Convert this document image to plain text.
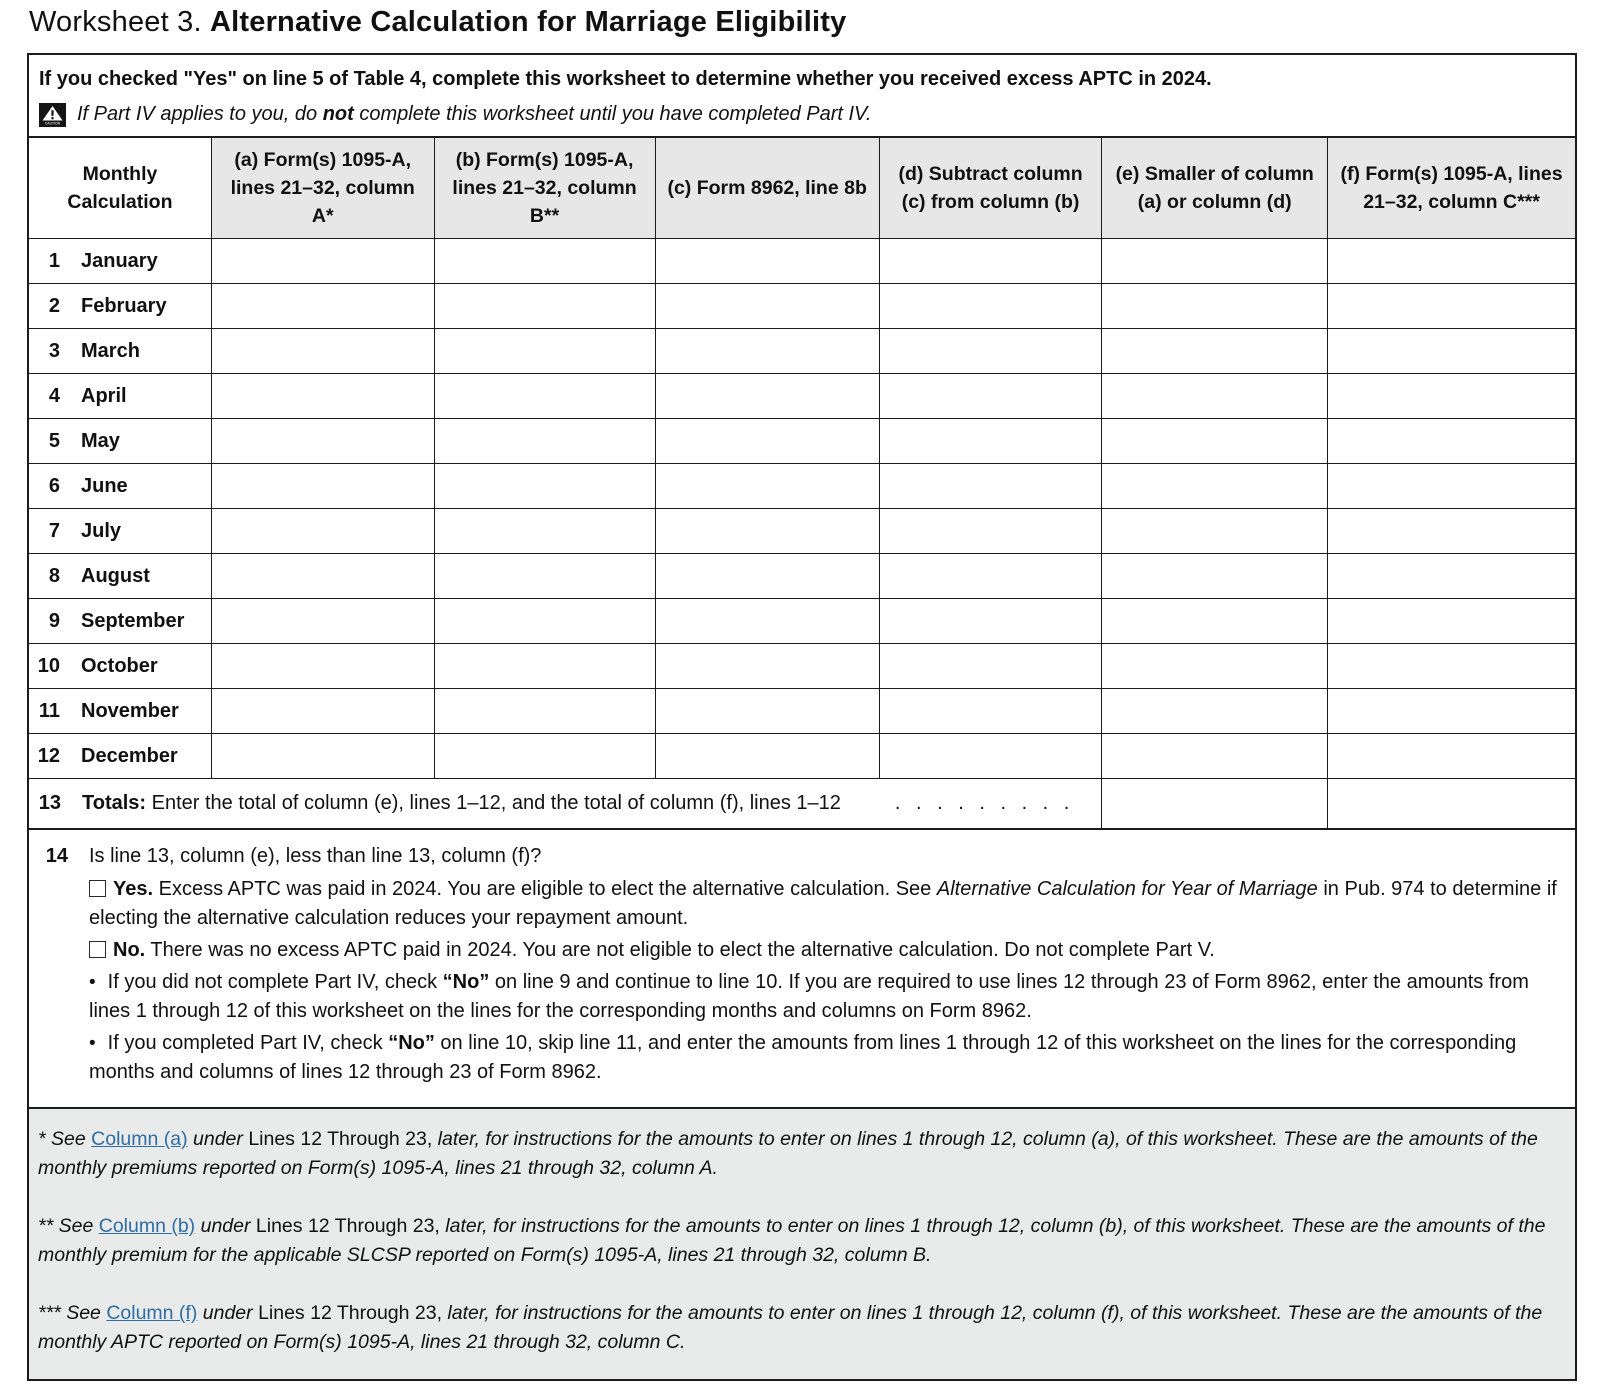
Worksheet 3. Alternative Calculation for Marriage Eligibility
If you checked "Yes" on line 5 of Table 4, complete this worksheet to determine whether you received excess APTC in 2024.
CAUTION If Part IV applies to you, do not complete this worksheet until you have completed Part IV.
Monthly Calculation	(a) Form(s) 1095-A, lines 21–32, column A*	(b) Form(s) 1095-A, lines 21–32, column B**	(c) Form 8962, line 8b	(d) Subtract column (c) from column (b)	(e) Smaller of column (a) or column (d)	(f) Form(s) 1095-A, lines 21–32, column C***
1 January						
2 February						
3 March						
4 April						
5 May						
6 June						
7 July						
8 August						
9 September						
10 October						
11 November						
12 December						

13 Totals: Enter the total of column (e), lines 1–12, and the total of column (f), lines 1–12 . . . . . . . . .						

14 Is line 13, column (e), less than line 13, column (f)?

Yes. Excess APTC was paid in 2024. You are eligible to elect the alternative calculation. See Alternative Calculation for Year of Marriage in Pub. 974 to determine if electing the alternative calculation reduces your repayment amount.

No. There was no excess APTC paid in 2024. You are not eligible to elect the alternative calculation. Do not complete Part V.

• If you did not complete Part IV, check “No” on line 9 and continue to line 10. If you are required to use lines 12 through 23 of Form 8962, enter the amounts from lines 1 through 12 of this worksheet on the lines for the corresponding months and columns on Form 8962.

• If you completed Part IV, check “No” on line 10, skip line 11, and enter the amounts from lines 1 through 12 of this worksheet on the lines for the corresponding months and columns of lines 12 through 23 of Form 8962.

* See Column (a) under Lines 12 Through 23, later, for instructions for the amounts to enter on lines 1 through 12, column (a), of this worksheet. These are the amounts of the monthly premiums reported on Form(s) 1095-A, lines 21 through 32, column A.

** See Column (b) under Lines 12 Through 23, later, for instructions for the amounts to enter on lines 1 through 12, column (b), of this worksheet. These are the amounts of the monthly premium for the applicable SLCSP reported on Form(s) 1095-A, lines 21 through 32, column B.

*** See Column (f) under Lines 12 Through 23, later, for instructions for the amounts to enter on lines 1 through 12, column (f), of this worksheet. These are the amounts of the monthly APTC reported on Form(s) 1095-A, lines 21 through 32, column C.
